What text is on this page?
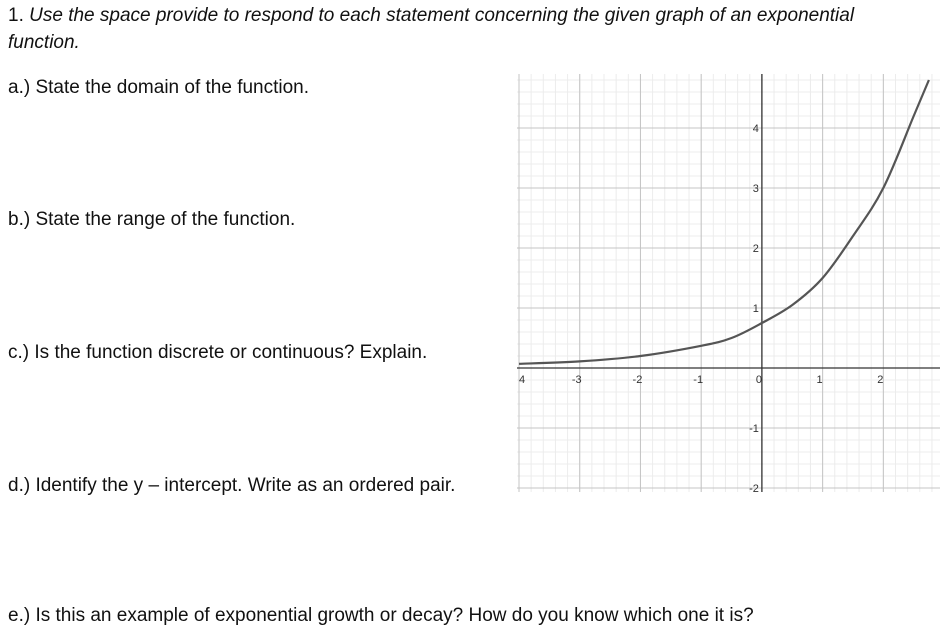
1. Use the space provide to respond to each statement concerning the given graph of an exponential function.
a.) State the domain of the function.
b.) State the range of the function.
c.) Is the function discrete or continuous? Explain.
d.) Identify the y – intercept. Write as an ordered pair.
e.) Is this an example of exponential growth or decay? How do you know which one it is?
4	-3	-2	-1	0	1	2
4
3
2
1
-1
-2
